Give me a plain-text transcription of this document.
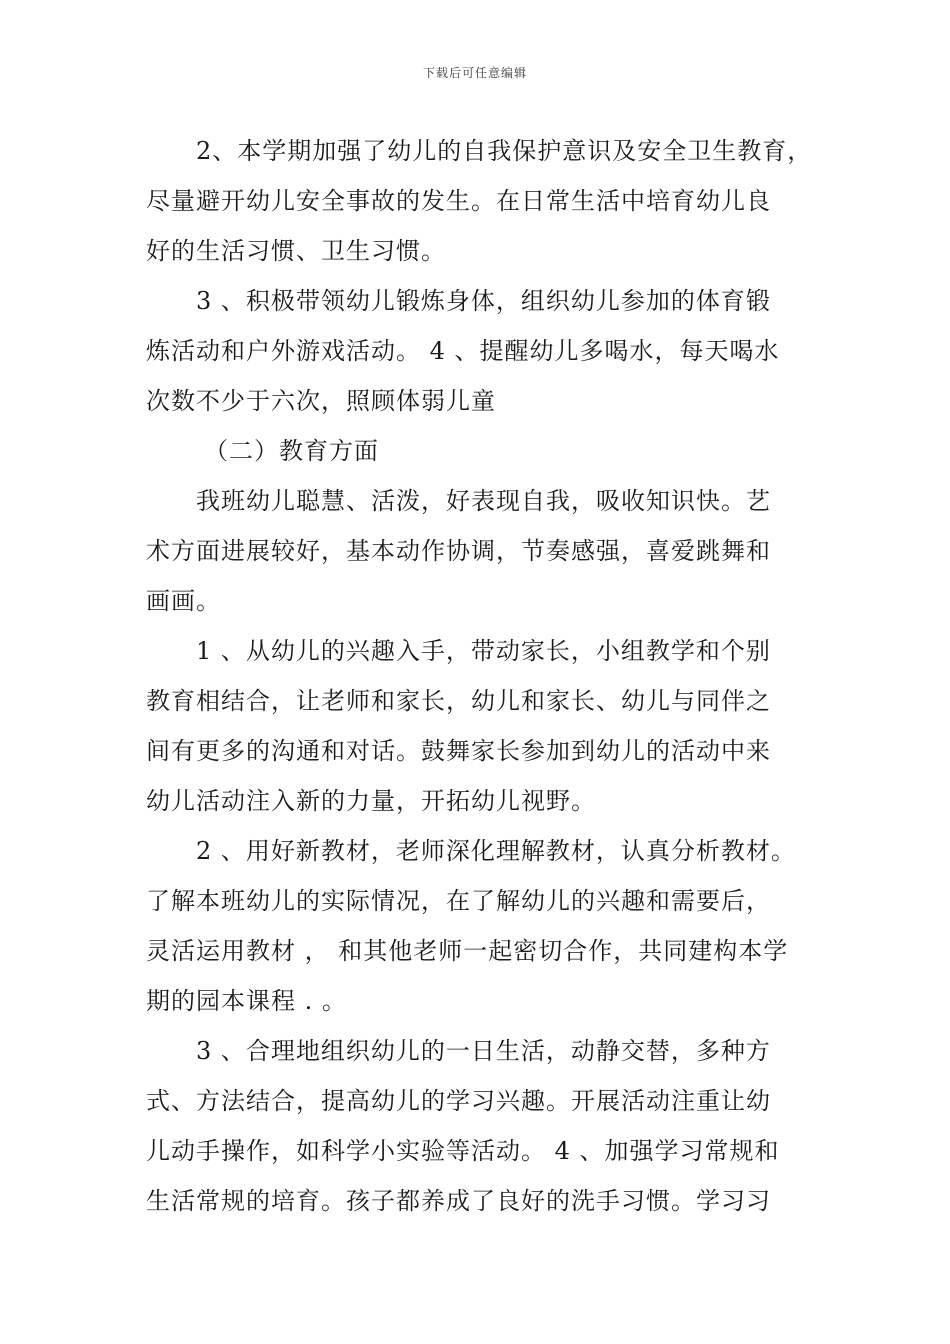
下载后可任意编辑
2、本学期加强了幼儿的自我保护意识及安全卫生教育，
尽量避开幼儿安全事故的发生。在日常生活中培育幼儿良
好的生活习惯、卫生习惯。
3 、积极带领幼儿锻炼身体，组织幼儿参加的体育锻
炼活动和户外游戏活动。 4 、提醒幼儿多喝水，每天喝水
次数不少于六次，照顾体弱儿童
（二）教育方面
我班幼儿聪慧、活泼，好表现自我，吸收知识快。艺
术方面进展较好，基本动作协调，节奏感强，喜爱跳舞和
画画。
1 、从幼儿的兴趣入手，带动家长，小组教学和个别
教育相结合，让老师和家长，幼儿和家长、幼儿与同伴之
间有更多的沟通和对话。鼓舞家长参加到幼儿的活动中来
幼儿活动注入新的力量，开拓幼儿视野。
2 、用好新教材，老师深化理解教材，认真分析教材。
了解本班幼儿的实际情况，在了解幼儿的兴趣和需要后，
灵活运用教材 ， 和其他老师一起密切合作，共同建构本学
期的园本课程 . 。
3 、合理地组织幼儿的一日生活，动静交替，多种方
式、方法结合，提高幼儿的学习兴趣。开展活动注重让幼
儿动手操作，如科学小实验等活动。 4 、加强学习常规和
生活常规的培育。孩子都养成了良好的洗手习惯。学习习
